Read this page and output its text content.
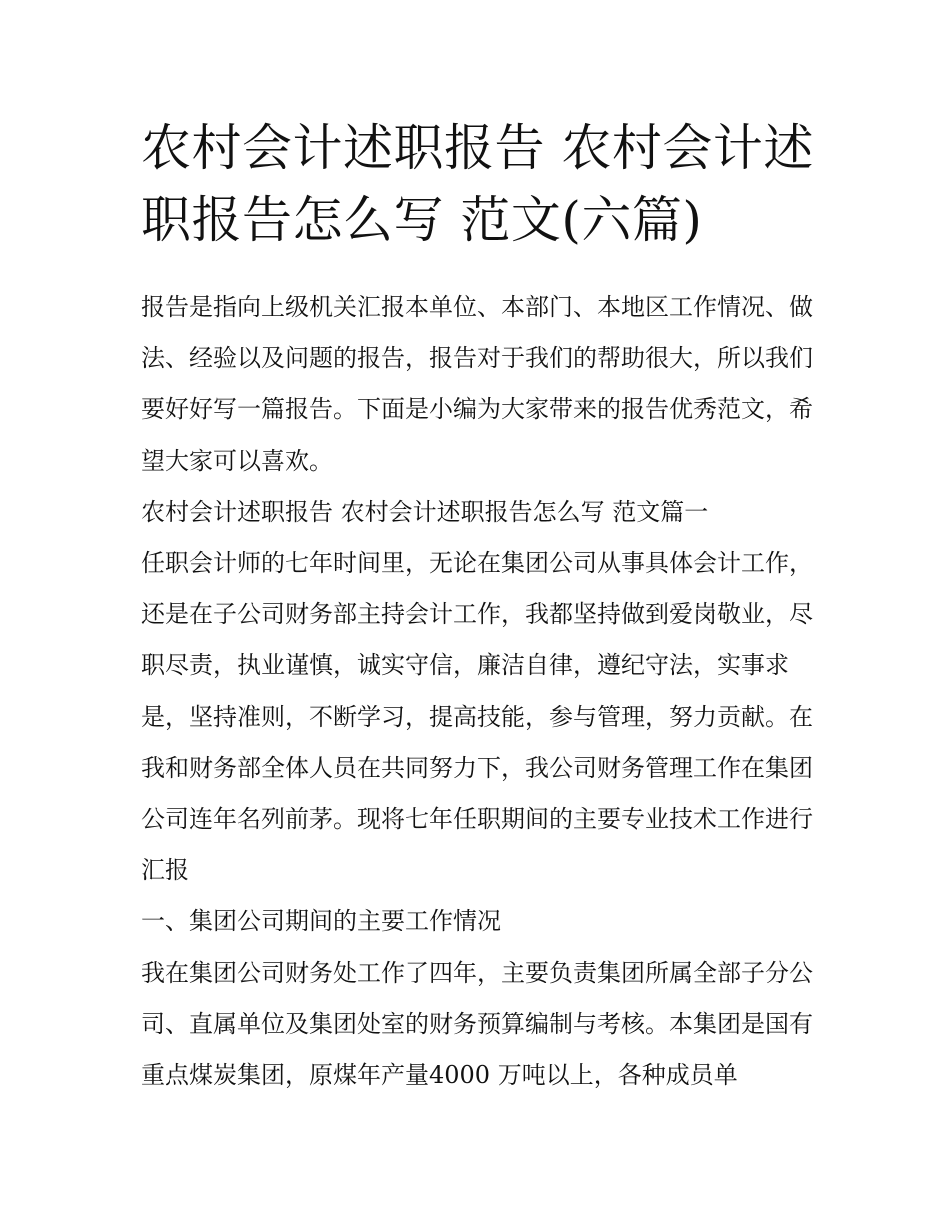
农村会计述职报告 农村会计述职报告怎么写 范文(六篇)

报告是指向上级机关汇报本单位、本部门、本地区工作情况、做法、经验以及问题的报告，报告对于我们的帮助很大，所以我们要好好写一篇报告。下面是小编为大家带来的报告优秀范文，希望大家可以喜欢。

农村会计述职报告 农村会计述职报告怎么写 范文篇一

任职会计师的七年时间里，无论在集团公司从事具体会计工作，还是在子公司财务部主持会计工作，我都坚持做到爱岗敬业，尽职尽责，执业谨慎，诚实守信，廉洁自律，遵纪守法，实事求是，坚持准则，不断学习，提高技能，参与管理，努力贡献。在我和财务部全体人员在共同努力下，我公司财务管理工作在集团公司连年名列前茅。现将七年任职期间的主要专业技术工作进行汇报

一、集团公司期间的主要工作情况

我在集团公司财务处工作了四年，主要负责集团所属全部子分公司、直属单位及集团处室的财务预算编制与考核。本集团是国有重点煤炭集团，原煤年产量4000 万吨以上，各种成员单
